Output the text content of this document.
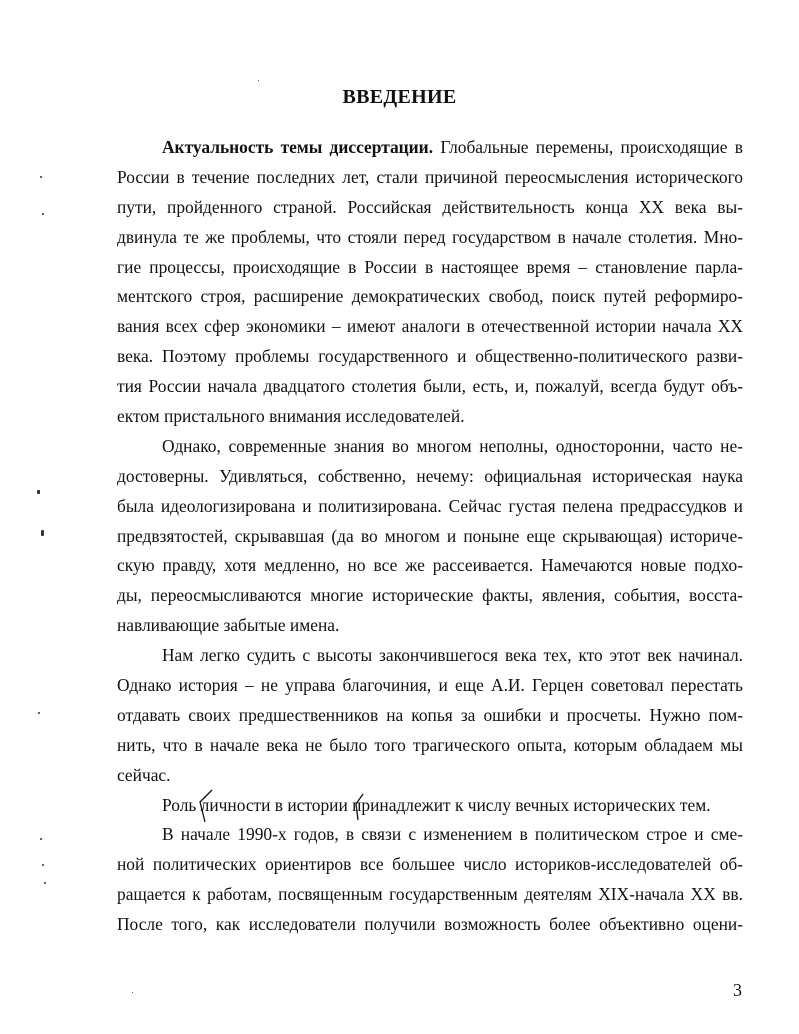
ВВЕДЕНИЕ
Актуальность темы диссертации. Глобальные перемены, происходящие в
России в течение последних лет, стали причиной переосмысления исторического
пути, пройденного страной. Российская действительность конца XX века вы-
двинула те же проблемы, что стояли перед государством в начале столетия. Мно-
гие процессы, происходящие в России в настоящее время – становление парла-
ментского строя, расширение демократических свобод, поиск путей реформиро-
вания всех сфер экономики – имеют аналоги в отечественной истории начала XX
века. Поэтому проблемы государственного и общественно-политического разви-
тия России начала двадцатого столетия были, есть, и, пожалуй, всегда будут объ-
ектом пристального внимания исследователей.
Однако, современные знания во многом неполны, односторонни, часто не-
достоверны. Удивляться, собственно, нечему: официальная историческая наука
была идеологизирована и политизирована. Сейчас густая пелена предрассудков и
предвзятостей, скрывавшая (да во многом и поныне еще скрывающая) историче-
скую правду, хотя медленно, но все же рассеивается. Намечаются новые подхо-
ды, переосмысливаются многие исторические факты, явления, события, восста-
навливающие забытые имена.
Нам легко судить с высоты закончившегося века тех, кто этот век начинал.
Однако история – не управа благочиния, и еще А.И. Герцен советовал перестать
отдавать своих предшественников на копья за ошибки и просчеты. Нужно пом-
нить, что в начале века не было того трагического опыта, которым обладаем мы
сейчас.
Роль личности в истории принадлежит к числу вечных исторических тем.
В начале 1990-х годов, в связи с изменением в политическом строе и сме-
ной политических ориентиров все большее число историков-исследователей об-
ращается к работам, посвященным государственным деятелям XIX-начала XX вв.
После того, как исследователи получили возможность более объективно оцени-
3
